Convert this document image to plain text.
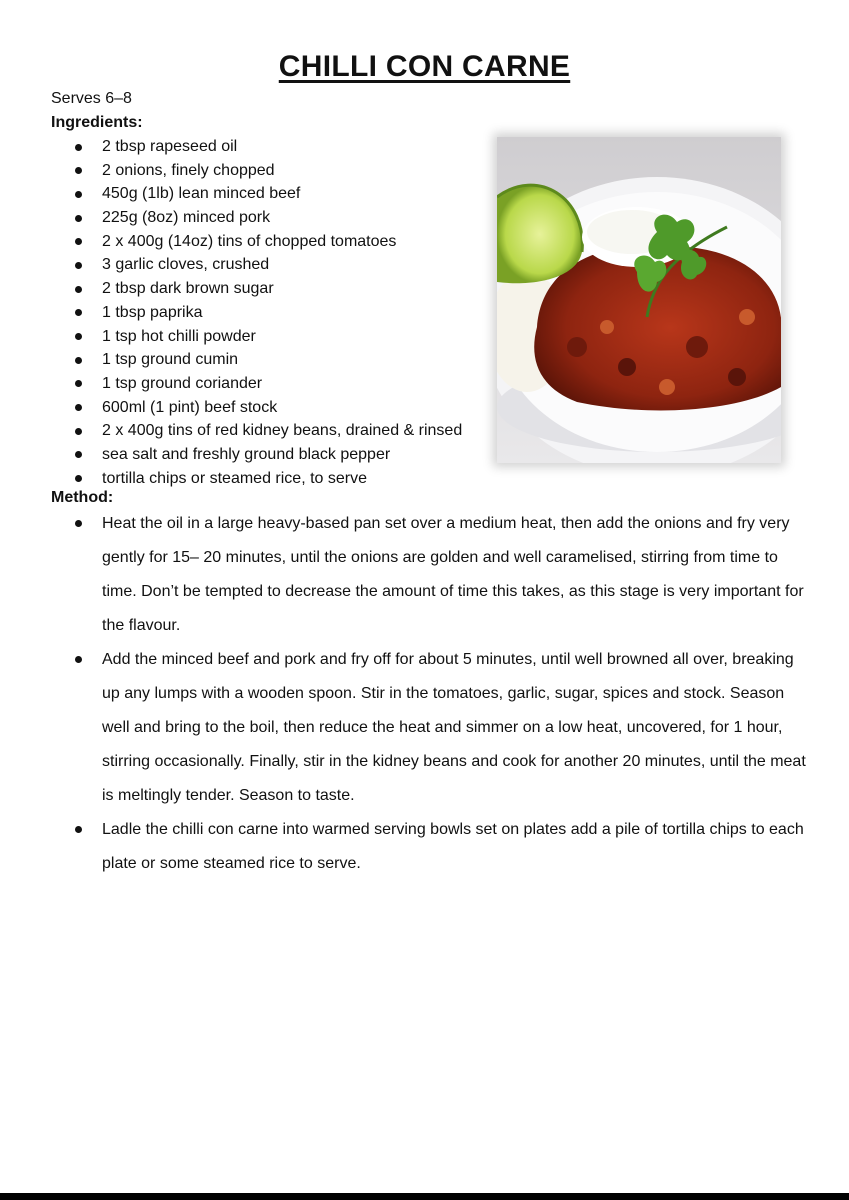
CHILLI CON CARNE
Serves 6–8
Ingredients:
2 tbsp rapeseed oil
2 onions, finely chopped
450g (1lb) lean minced beef
225g (8oz) minced pork
2 x 400g (14oz) tins of chopped tomatoes
3 garlic cloves, crushed
2 tbsp dark brown sugar
1 tbsp paprika
1 tsp hot chilli powder
1 tsp ground cumin
1 tsp ground coriander
600ml (1 pint) beef stock
2 x 400g tins of red kidney beans, drained & rinsed
sea salt and freshly ground black pepper
tortilla chips or steamed rice, to serve
Method:
Heat the oil in a large heavy-based pan set over a medium heat, then add the onions and fry very gently for 15– 20 minutes, until the onions are golden and well caramelised, stirring from time to time. Don’t be tempted to decrease the amount of time this takes, as this stage is very important for the flavour.
Add the minced beef and pork and fry off for about 5 minutes, until well browned all over, breaking up any lumps with a wooden spoon. Stir in the tomatoes, garlic, sugar, spices and stock. Season well and bring to the boil, then reduce the heat and simmer on a low heat, uncovered, for 1 hour, stirring occasionally. Finally, stir in the kidney beans and cook for another 20 minutes, until the meat is meltingly tender. Season to taste.
Ladle the chilli con carne into warmed serving bowls set on plates add a pile of tortilla chips to each plate or some steamed rice to serve.
